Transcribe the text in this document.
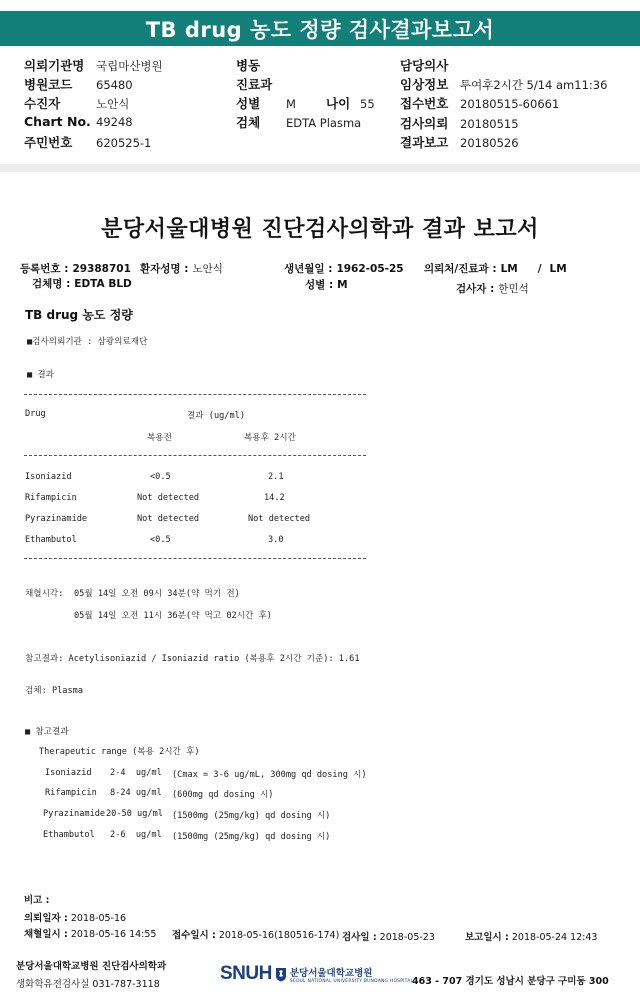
TB drug 농도 정량 검사결과보고서
의뢰기관명 국립마산병원
병원코드 65480
수진자	노안식
Chart No. 49248
주민번호 620525-1
병동
진료과
성별 M 나이 55
검체 EDTA Plasma
담당의사
임상정보 투여후2시간 5/14 am11:36
접수번호 20180515-60661
검사의뢰 20180515
결과보고 20180526
분당서울대병원 진단검사의학과 결과 보고서
등록번호 : 29388701 환자성명 : 노안식	생년월일 : 1962-05-25 의뢰처/진료과 : LM / LM
검체명 : EDTA BLD	성별 : M	검사자 : 한민석
TB drug 농도 정량
■검사의뢰기관 : 삼광의료재단
■ 결과
Drug	결과 (ug/ml)
복용전	복용후 2시간
Isoniazid	<0.5	2.1
Rifampicin	Not detected	14.2
Pyrazinamide	Not detected	Not detected
Ethambutol	<0.5	3.0
채혈시각: 05월 14일 오전 09시 34분(약 먹기 전)
05월 14일 오전 11시 36분(약 먹고 02시간 후)
참고결과: Acetylisoniazid / Isoniazid ratio (복용후 2시간 기준): 1.61
검체: Plasma
■ 참고결과
Therapeutic range (복용 2시간 후)
Isoniazid 2-4  ug/ml (Cmax = 3-6 ug/mL, 300mg qd dosing 시)
Rifampicin 8-24 ug/ml (600mg qd dosing 시)
Pyrazinamide 20-50 ug/ml (1500mg (25mg/kg) qd dosing 시)
Ethambutol 2-6  ug/ml (1500mg (25mg/kg) qd dosing 시)
비고 :
의뢰일자 : 2018-05-16
채혈일시 : 2018-05-16 14:55 접수일시 : 2018-05-16(180516-174) 검사일 : 2018-05-23	보고일시 : 2018-05-24 12:43
분당서울대학교병원 진단검사의학과
생화학유전검사실 031-787-3118
SNUH 분당서울대학교병원
SEOUL NATIONAL UNIVERSITY BUNDANG HOSPITAL
463 - 707 경기도 성남시 분당구 구미동 300
